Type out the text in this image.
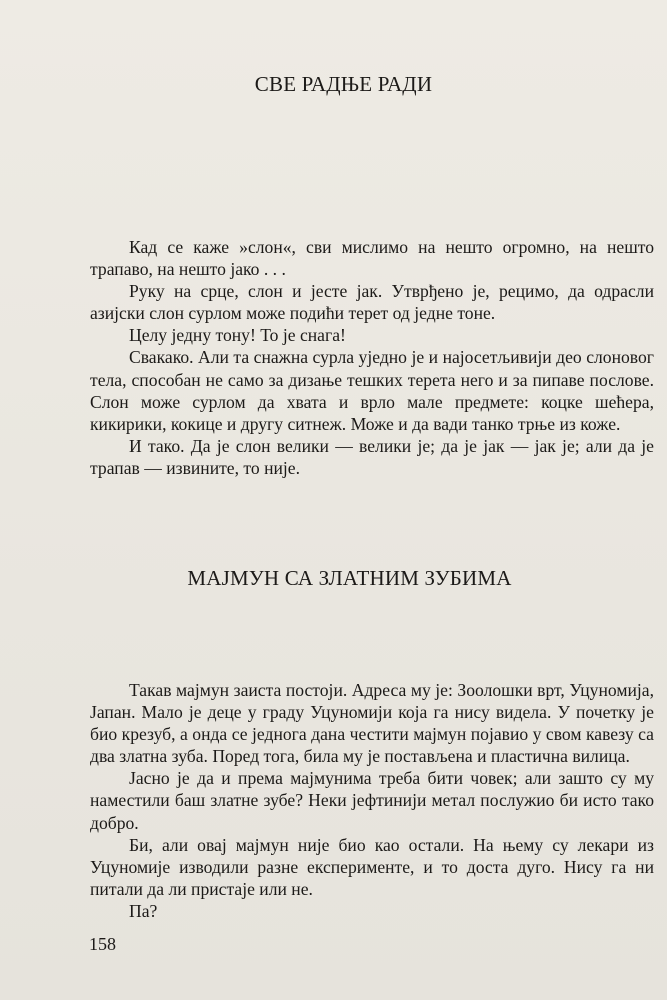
СВЕ РАДЊЕ РАДИ

Кад се каже »слон«, сви мислимо на нешто огромно, на нешто трапаво, на нешто јако . . .

Руку на срце, слон и јесте јак. Утврђено је, рецимо, да одрасли азијски слон сурлом може подићи терет од једне тоне.

Целу једну тону! То је снага!

Свакако. Али та снажна сурла уједно је и најосетљивији део слоновог тела, способан не само за дизање тешких терета него и за пипаве послове. Слон може сурлом да хвата и врло мале предмете: коцке шећера, кикирики, кокице и другу ситнеж. Може и да вади танко трње из коже.

И тако. Да је слон велики — велики је; да је јак — јак је; али да је трапав — извините, то није.

МАЈМУН СА ЗЛАТНИМ ЗУБИМА

Такав мајмун заиста постоји. Адреса му је: Зоолошки врт, Уцуномија, Јапан. Мало је деце у граду Уцуномији која га нису видела. У почетку је био крезуб, а онда се једнога дана честити мајмун појавио у свом кавезу са два златна зуба. Поред тога, била му је постављена и пластична вилица.

Јасно је да и према мајмунима треба бити човек; али зашто су му наместили баш златне зубе? Неки јефтинији метал послужио би исто тако добро.

Би, али овај мајмун није био као остали. На њему су лекари из Уцуномије изводили разне експерименте, и то доста дуго. Нису га ни питали да ли пристаје или не.

Па?

158
